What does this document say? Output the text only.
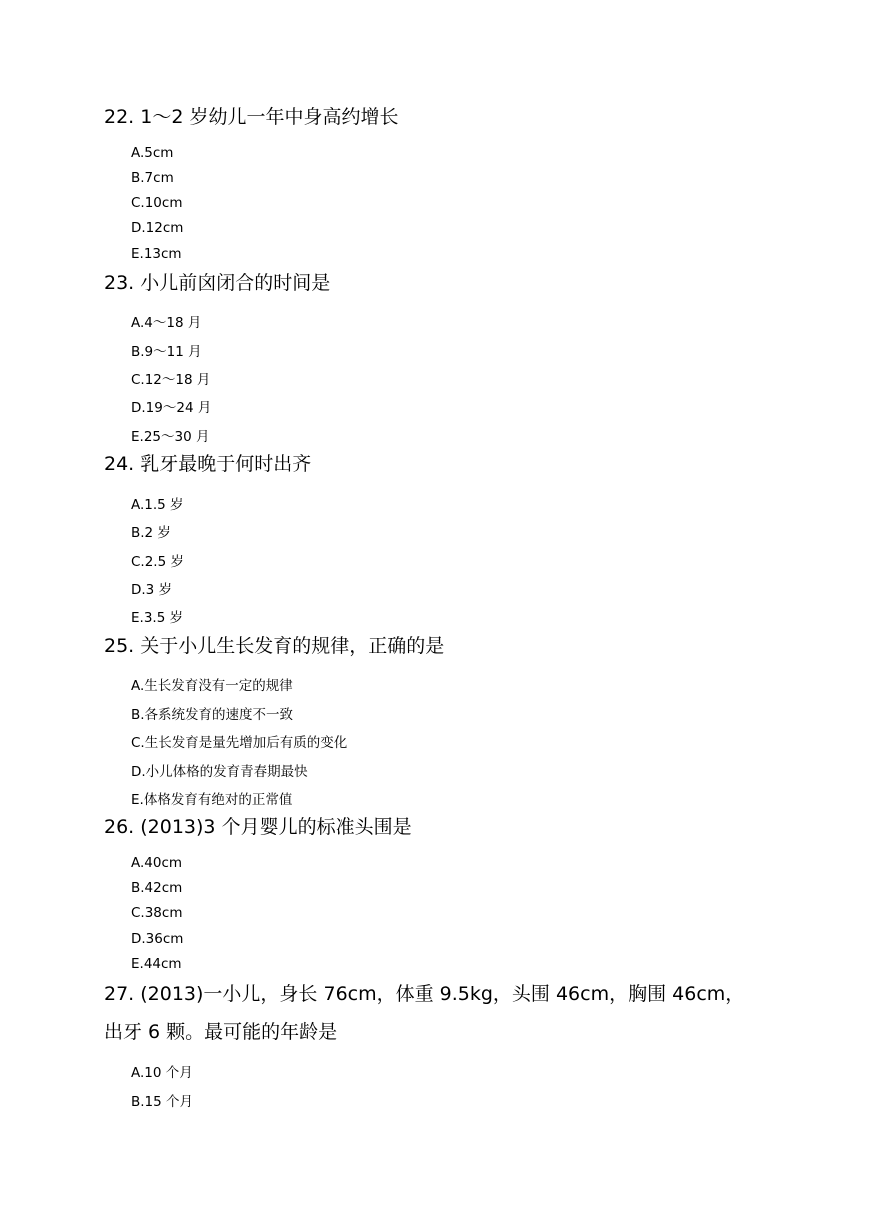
22. 1～2 岁幼儿一年中身高约增长
A.5cm
B.7cm
C.10cm
D.12cm
E.13cm
23. 小儿前囟闭合的时间是
A.4～18 月
B.9～11 月
C.12～18 月
D.19～24 月
E.25～30 月
24. 乳牙最晚于何时出齐
A.1.5 岁
B.2 岁
C.2.5 岁
D.3 岁
E.3.5 岁
25. 关于小儿生长发育的规律，正确的是
A.生长发育没有一定的规律
B.各系统发育的速度不一致
C.生长发育是量先增加后有质的变化
D.小儿体格的发育青春期最快
E.体格发育有绝对的正常值
26. (2013)3 个月婴儿的标准头围是
A.40cm
B.42cm
C.38cm
D.36cm
E.44cm
27. (2013)一小儿，身长 76cm，体重 9.5kg，头围 46cm，胸围 46cm，
出牙 6 颗。最可能的年龄是
A.10 个月
B.15 个月
